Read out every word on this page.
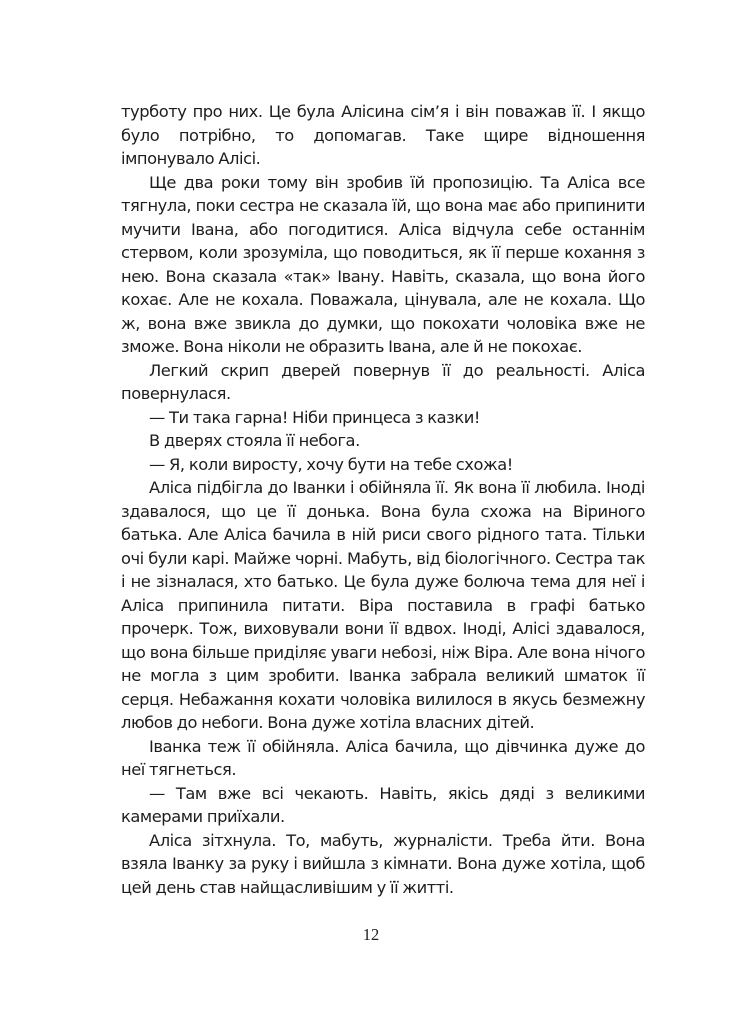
турботу про них. Це була Алісина сім’я і він поважав її. І якщо було потрібно, то допомагав. Таке щире відношення імпонувало Алісі.

Ще два роки тому він зробив їй пропозицію. Та Аліса все тягнула, поки сестра не сказала їй, що вона має або припинити мучити Івана, або погодитися. Аліса відчула себе останнім стервом, коли зрозуміла, що поводиться, як її перше кохання з нею. Вона сказала «так» Івану. Навіть, сказала, що вона його кохає. Але не кохала. Поважала, цінувала, але не кохала. Що ж, вона вже звикла до думки, що покохати чоловіка вже не зможе. Вона ніколи не образить Івана, але й не покохає.

Легкий скрип дверей повернув її до реальності. Аліса повернулася.

— Ти така гарна! Ніби принцеса з казки!

В дверях стояла її небога.

— Я, коли виросту, хочу бути на тебе схожа!

Аліса підбігла до Іванки і обійняла її. Як вона її любила. Іноді здавалося, що це її донька. Вона була схожа на Віриного батька. Але Аліса бачила в ній риси свого рідного тата. Тільки очі були карі. Майже чорні. Мабуть, від біологічного. Сестра так і не зізналася, хто батько. Це була дуже болюча тема для неї і Аліса припинила питати. Віра поставила в графі батько прочерк. Тож, виховували вони її вдвох. Іноді, Алісі здавалося, що вона більше приділяє уваги небозі, ніж Віра. Але вона нічого не могла з цим зробити. Іванка забрала великий шматок її серця. Небажання кохати чоловіка вилилося в якусь безмежну любов до небоги. Вона дуже хотіла власних дітей.

Іванка теж її обійняла. Аліса бачила, що дівчинка дуже до неї тягнеться.

— Там вже всі чекають. Навіть, якісь дяді з великими камерами приїхали.

Аліса зітхнула. То, мабуть, журналісти. Треба йти. Вона взяла Іванку за руку і вийшла з кімнати. Вона дуже хотіла, щоб цей день став найщасливішим у її житті.

12
